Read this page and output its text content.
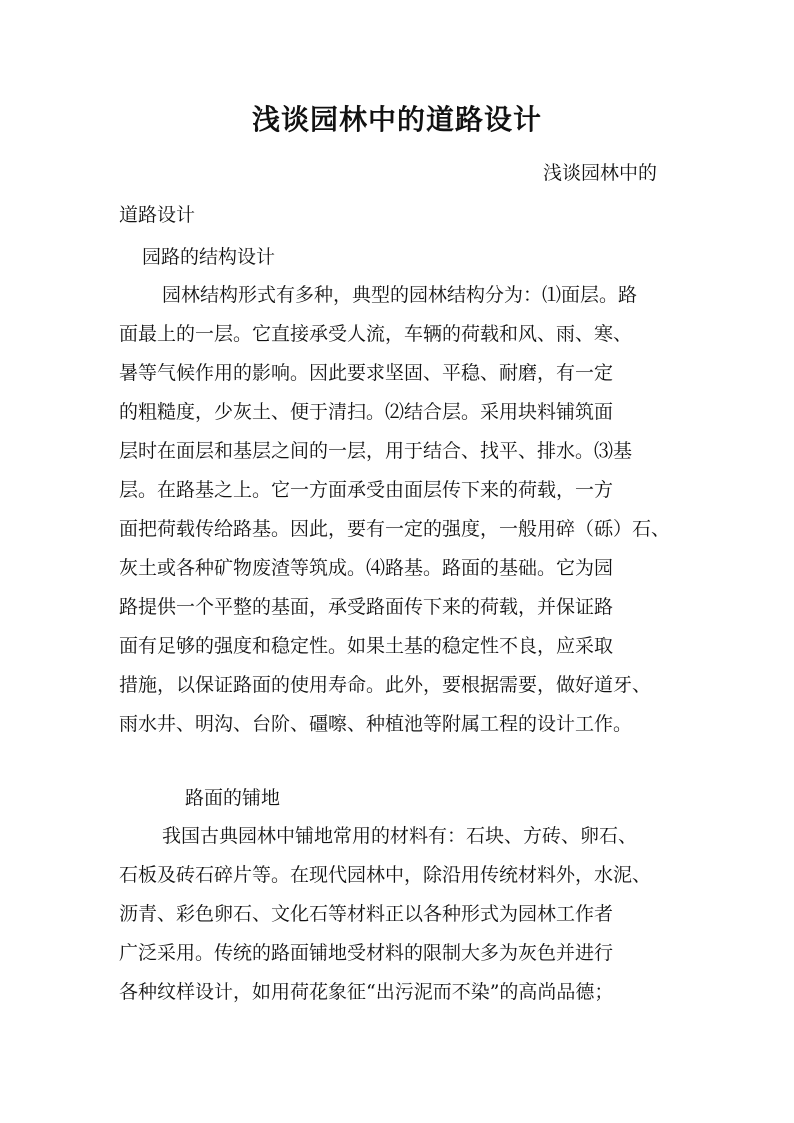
浅谈园林中的道路设计
浅谈园林中的
道路设计
园路的结构设计
园林结构形式有多种，典型的园林结构分为：⑴面层。路
面最上的一层。它直接承受人流，车辆的荷载和风、雨、寒、
暑等气候作用的影响。因此要求坚固、平稳、耐磨，有一定
的粗糙度，少灰土、便于清扫。⑵结合层。采用块料铺筑面
层时在面层和基层之间的一层，用于结合、找平、排水。⑶基
层。在路基之上。它一方面承受由面层传下来的荷载，一方
面把荷载传给路基。因此，要有一定的强度，一般用碎（砾）石、
灰土或各种矿物废渣等筑成。⑷路基。路面的基础。它为园
路提供一个平整的基面，承受路面传下来的荷载，并保证路
面有足够的强度和稳定性。如果土基的稳定性不良，应采取
措施，以保证路面的使用寿命。此外，要根据需要，做好道牙、
雨水井、明沟、台阶、礓嚓、种植池等附属工程的设计工作。
路面的铺地
我国古典园林中铺地常用的材料有：石块、方砖、卵石、
石板及砖石碎片等。在现代园林中，除沿用传统材料外，水泥、
沥青、彩色卵石、文化石等材料正以各种形式为园林工作者
广泛采用。传统的路面铺地受材料的限制大多为灰色并进行
各种纹样设计，如用荷花象征“出污泥而不染”的高尚品德；
